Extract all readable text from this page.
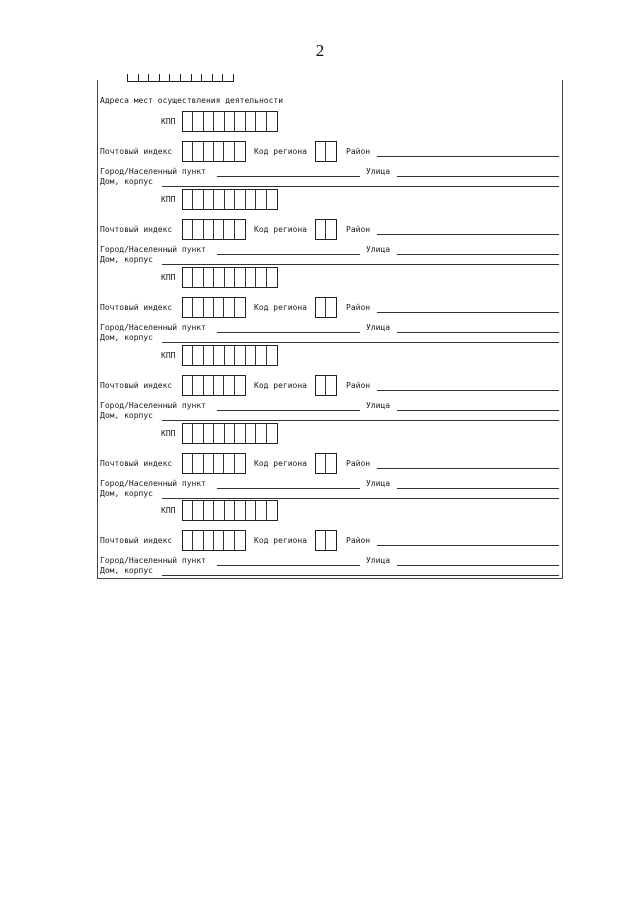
2
Адреса мест осуществления деятельности
КПП
Почтовый индекс	Код региона	Район
Город/Населенный пункт	Улица
Дом, корпус
КПП
Почтовый индекс	Код региона	Район
Город/Населенный пункт	Улица
Дом, корпус
КПП
Почтовый индекс	Код региона	Район
Город/Населенный пункт	Улица
Дом, корпус
КПП
Почтовый индекс	Код региона	Район
Город/Населенный пункт	Улица
Дом, корпус
КПП
Почтовый индекс	Код региона	Район
Город/Населенный пункт	Улица
Дом, корпус
КПП
Почтовый индекс	Код региона	Район
Город/Населенный пункт	Улица
Дом, корпус
